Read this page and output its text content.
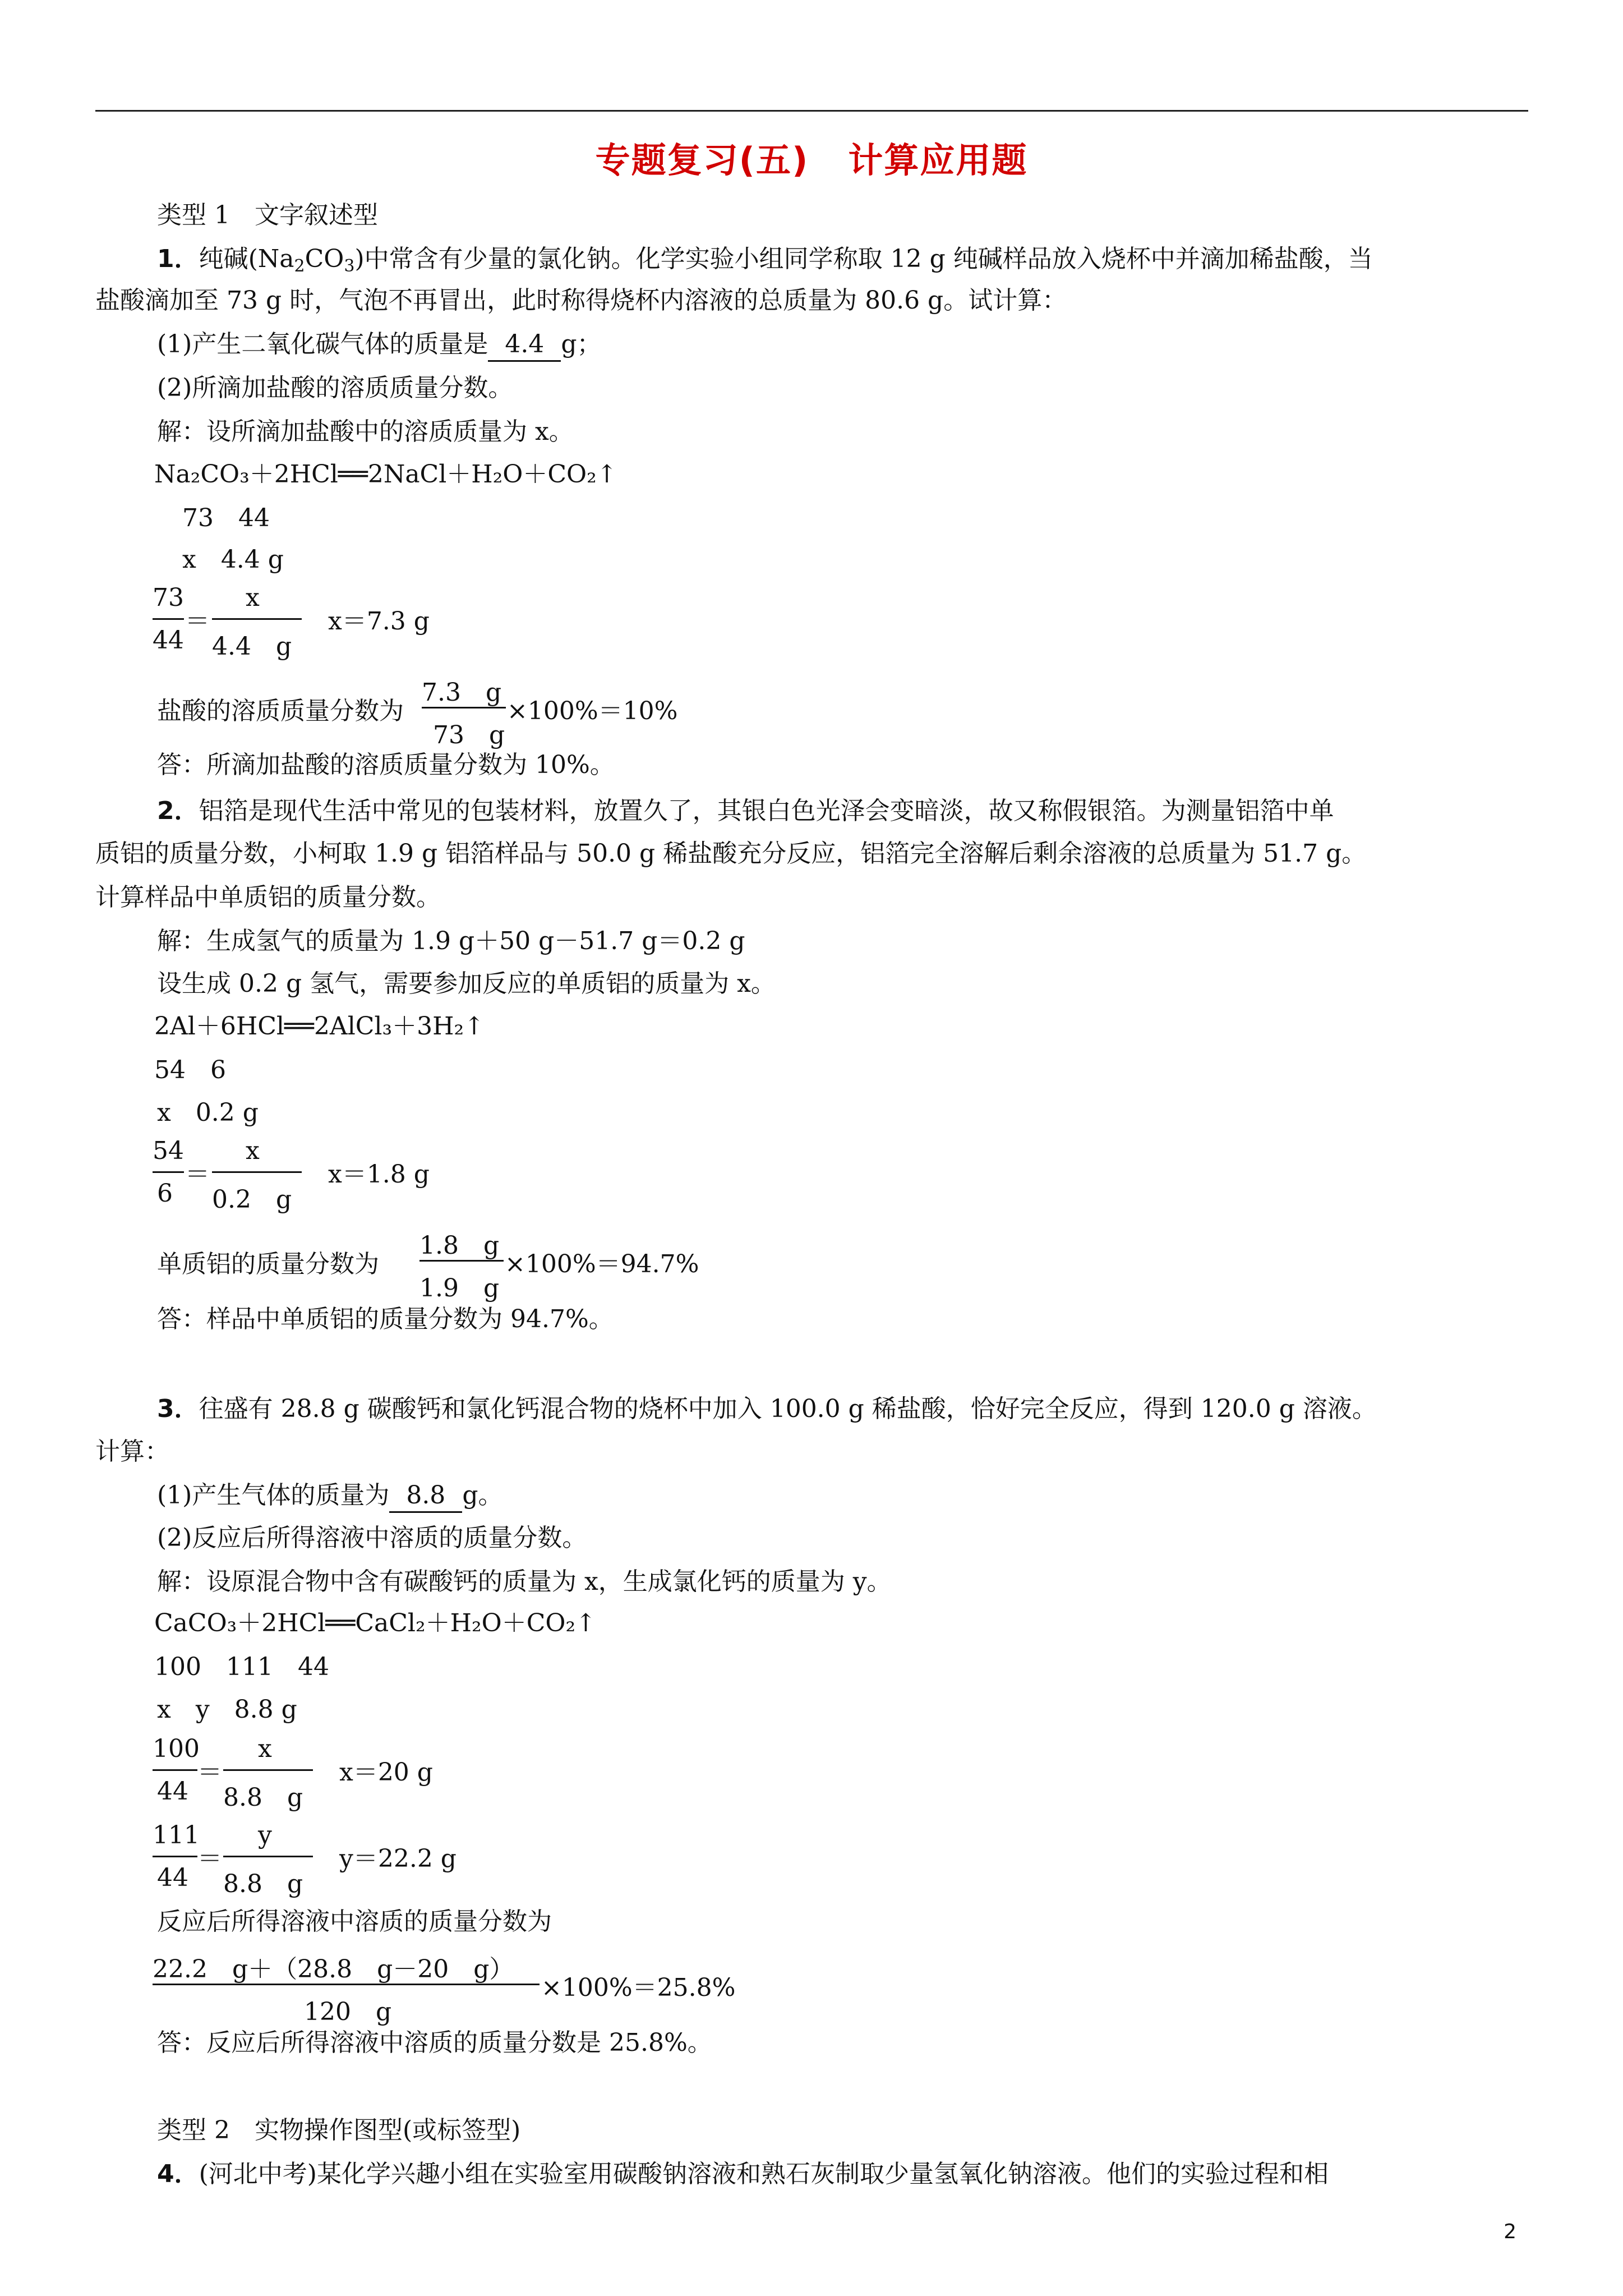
专题复习(五) 计算应用题
类型 1　 文字叙述型
1．纯碱$(Na_2CO_3)$中常含有少量的氯化钠。化学实验小组同学称取 12 g 纯碱样品放入烧杯中并滴加稀盐酸，当
盐酸滴加至 73 g 时，气泡不再冒出，此时称得烧杯内溶液的总质量为 80.6 g。试计算：
(1)产生二氧化碳气体的质量是 4.4 g；
(2)所滴加盐酸的溶质质量分数。
解：设所滴加盐酸中的溶质质量为 x。
Na₂CO₃＋2HCl══2NaCl＋H₂O＋CO₂↑
73　44
x　4.4 g
73
44
＝
x
4.4　g
x＝7.3 g
盐酸的溶质质量分数为
7.3　g
73　g
×100%＝10%
答：所滴加盐酸的溶质质量分数为 10%。
2．铝箔是现代生活中常见的包装材料，放置久了，其银白色光泽会变暗淡，故又称假银箔。为测量铝箔中单
质铝的质量分数，小柯取 1.9 g 铝箔样品与 50.0 g 稀盐酸充分反应，铝箔完全溶解后剩余溶液的总质量为 51.7 g。
计算样品中单质铝的质量分数。
解：生成氢气的质量为 1.9 g＋50 g－51.7 g＝0.2 g
设生成 0.2 g 氢气，需要参加反应的单质铝的质量为 x。
2Al＋6HCl══2AlCl₃＋3H₂↑
54　6
x　0.2 g
54
6
＝
x
0.2　g
x＝1.8 g
单质铝的质量分数为
1.8　g
1.9　g
×100%＝94.7%
答：样品中单质铝的质量分数为 94.7%。
3．往盛有 28.8 g 碳酸钙和氯化钙混合物的烧杯中加入 100.0 g 稀盐酸，恰好完全反应，得到 120.0 g 溶液。
计算：
(1)产生气体的质量为 8.8 g。
(2)反应后所得溶液中溶质的质量分数。
解：设原混合物中含有碳酸钙的质量为 x，生成氯化钙的质量为 y。
CaCO₃＋2HCl══CaCl₂＋H₂O＋CO₂↑
100　111　44
x　y　8.8 g
100
44
＝
x
8.8　g
x＝20 g
111
44
＝
y
8.8　g
y＝22.2 g
反应后所得溶液中溶质的质量分数为
22.2　g＋（28.8　g－20　g）
120　g
×100%＝25.8%
答：反应后所得溶液中溶质的质量分数是 25.8%。
类型 2　 实物操作图型(或标签型)
4．(河北中考)某化学兴趣小组在实验室用碳酸钠溶液和熟石灰制取少量氢氧化钠溶液。他们的实验过程和相
2
